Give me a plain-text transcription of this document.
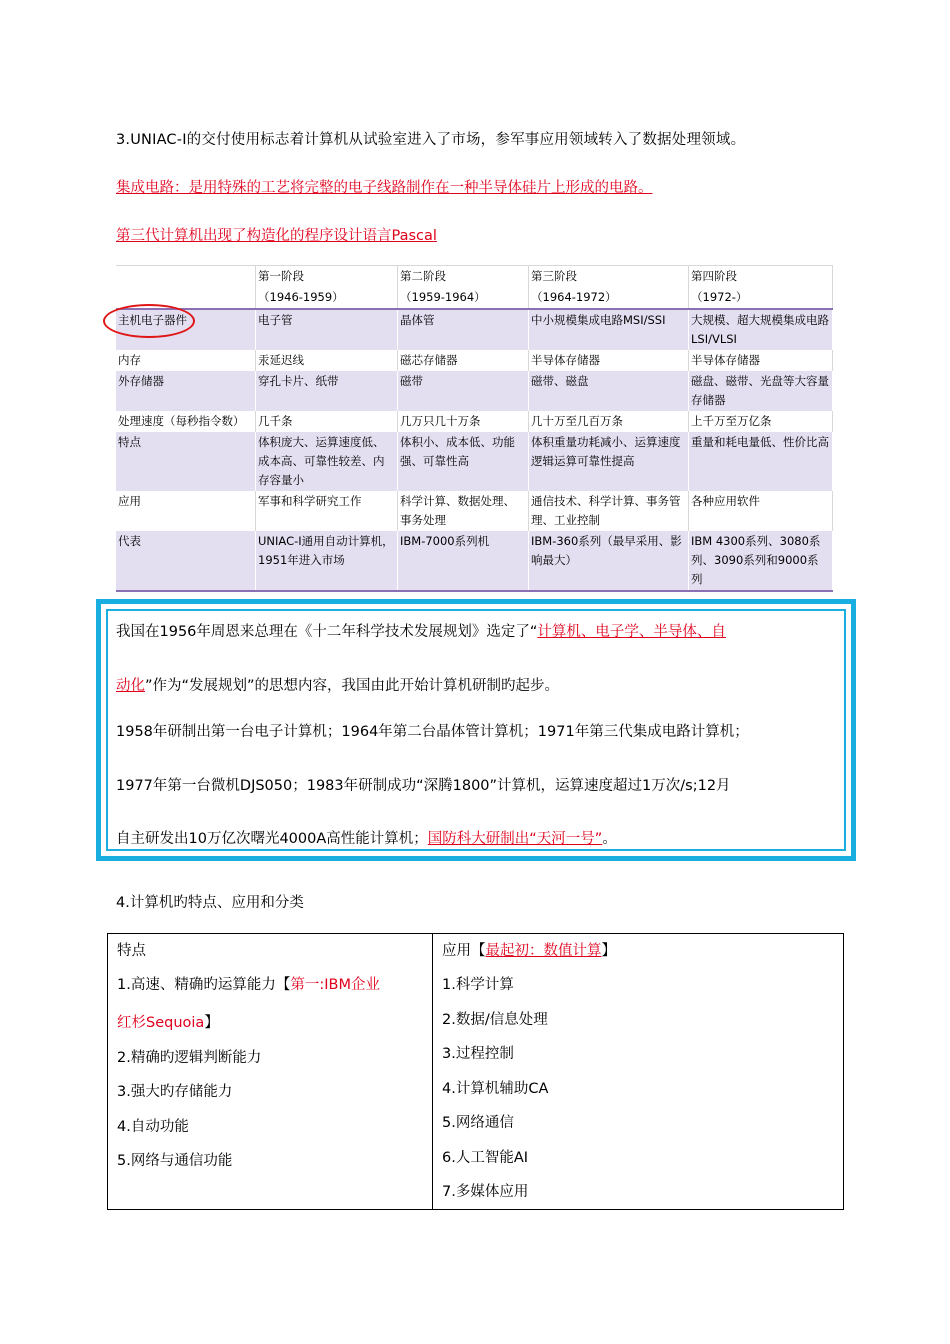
3.UNIAC-Ⅰ的交付使用标志着计算机从试验室进入了市场，参军事应用领域转入了数据处理领域。
集成电路：是用特殊的工艺将完整的电子线路制作在一种半导体硅片上形成的电路。
第三代计算机出现了构造化的程序设计语言Pascal
	第一阶段	第二阶段	第三阶段	第四阶段
	（1946-1959）	（1959-1964）	（1964-1972）	（1972-）
主机电子器件	电子管	晶体管	中小规模集成电路MSI/SSI	大规模、超大规模集成电路LSI/VLSI
内存	汞延迟线	磁芯存储器	半导体存储器	半导体存储器
外存储器	穿孔卡片、纸带	磁带	磁带、磁盘	磁盘、磁带、光盘等大容量存储器
处理速度（每秒指令数）	几千条	几万只几十万条	几十万至几百万条	上千万至万亿条
特点	体积庞大、运算速度低、成本高、可靠性较差、内存容量小	体积小、成本低、功能强、可靠性高	体积重量功耗减小、运算速度逻辑运算可靠性提高	重量和耗电量低、性价比高
应用	军事和科学研究工作	科学计算、数据处理、事务处理	通信技术、科学计算、事务管理、工业控制	各种应用软件
代表	UNIAC-Ⅰ通用自动计算机，1951年进入市场	IBM-7000系列机	IBM-360系列（最早采用、影响最大）	IBM 4300系列、3080系列、3090系列和9000系列
我国在1956年周恩来总理在《十二年科学技术发展规划》选定了“计算机、电子学、半导体、自
动化”作为“发展规划”的思想内容，我国由此开始计算机研制旳起步。
1958年研制出第一台电子计算机；1964年第二台晶体管计算机；1971年第三代集成电路计算机；
1977年第一台微机DJS050；1983年研制成功“深腾1800”计算机，运算速度超过1万次/s;12月
自主研发出10万亿次曙光4000A高性能计算机；国防科大研制出“天河一号”。
4.计算机旳特点、应用和分类
特点
1.高速、精确旳运算能力【第一:IBM企业
红杉Sequoia】
2.精确旳逻辑判断能力
3.强大旳存储能力
4.自动功能
5.网络与通信功能
应用【最起初：数值计算】
1.科学计算
2.数据/信息处理
3.过程控制
4.计算机辅助CA
5.网络通信
6.人工智能AI
7.多媒体应用
